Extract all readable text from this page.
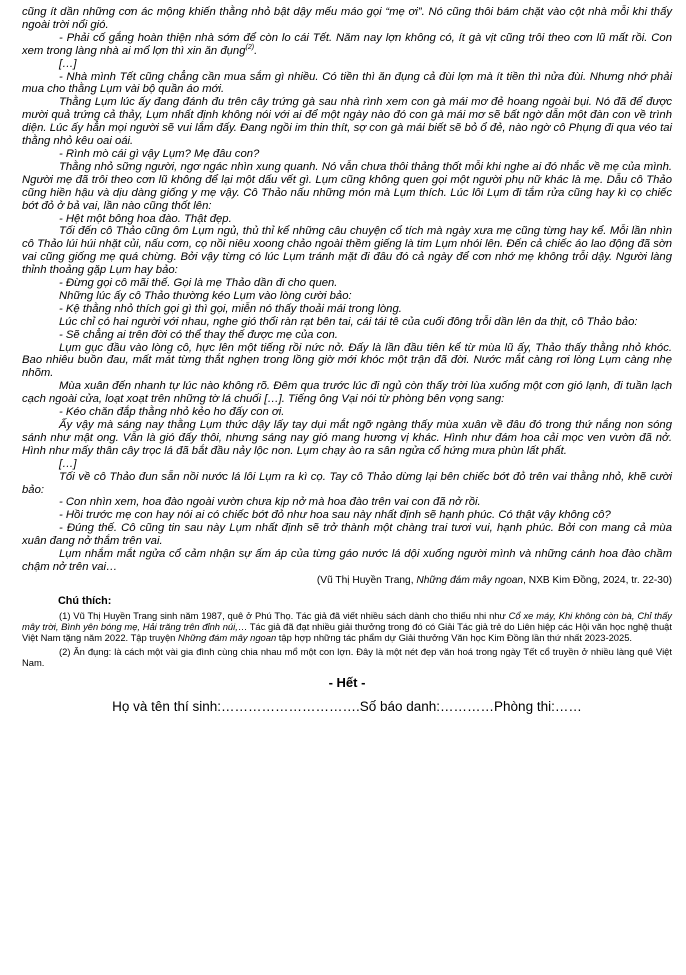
cũng ít dần những cơn ác mộng khiến thằng nhỏ bật dậy mếu máo gọi “mẹ ơi”. Nó cũng thôi bám chặt vào cột nhà mỗi khi thấy ngoài trời nổi gió.

- Phải cố gắng hoàn thiện nhà sớm để còn lo cái Tết. Năm nay lợn không có, ít gà vịt cũng trôi theo cơn lũ mất rồi. Con xem trong làng nhà ai mổ lợn thì xin ăn đụng$^{(2)}$.

[…]

- Nhà mình Tết cũng chẳng cần mua sắm gì nhiều. Có tiền thì ăn đụng cả đùi lợn mà ít tiền thì nửa đùi. Nhưng nhớ phải mua cho thằng Lụm vài bộ quần áo mới.

Thằng Lụm lúc ấy đang đánh đu trên cây trứng gà sau nhà rình xem con gà mái mơ đẻ hoang ngoài bụi. Nó đã để được mười quả trứng cả thảy, Lụm nhất định không nói với ai để một ngày nào đó con gà mái mơ sẽ bất ngờ dẫn một đàn con về trình diện. Lúc ấy hẳn mọi người sẽ vui lắm đấy. Đang ngồi im thin thít, sợ con gà mái biết sẽ bỏ ổ đẻ, nào ngờ cô Phụng đi qua véo tai thằng nhỏ kêu oai oái.

- Rình mò cái gì vậy Lụm? Mẹ đâu con?

Thằng nhỏ sững người, ngơ ngác nhìn xung quanh. Nó vẫn chưa thôi thảng thốt mỗi khi nghe ai đó nhắc về mẹ của mình. Người mẹ đã trôi theo cơn lũ không để lại một dấu vết gì. Lụm cũng không quen gọi một người phụ nữ khác là mẹ. Dẫu cô Thảo cũng hiền hậu và dịu dàng giống y mẹ vậy. Cô Thảo nấu những món mà Lụm thích. Lúc lôi Lụm đi tắm rửa cũng hay kì cọ chiếc bớt đỏ ở bả vai, lần nào cũng thốt lên:

- Hệt một bông hoa đào. Thật đẹp.

Tối đến cô Thảo cũng ôm Lụm ngủ, thủ thỉ kể những câu chuyện cổ tích mà ngày xưa mẹ cũng từng hay kể. Mỗi lần nhìn cô Thảo lúi húi nhặt củi, nấu cơm, cọ nồi niêu xoong chảo ngoài thềm giếng là tim Lụm nhói lên. Đến cả chiếc áo lao động đã sờn vai cũng giống mẹ quá chừng. Bởi vậy từng có lúc Lụm tránh mặt đi đâu đó cả ngày để cơn nhớ mẹ không trỗi dậy. Người làng thỉnh thoảng gặp Lụm hay bảo:

- Đừng gọi cô mãi thế. Gọi là mẹ Thảo dần đi cho quen.

Những lúc ấy cô Thảo thường kéo Lụm vào lòng cười bảo:

- Kệ thằng nhỏ thích gọi gì thì gọi, miễn nó thấy thoải mái trong lòng.

Lúc chỉ có hai người với nhau, nghe gió thổi ràn rạt bên tai, cái tái tê của cuối đông trỗi dần lên da thịt, cô Thảo bảo:

- Sẽ chẳng ai trên đời có thể thay thế được mẹ của con.

Lụm gục đầu vào lòng cô, hực lên một tiếng rồi nức nở. Đấy là lần đầu tiên kể từ mùa lũ ấy, Thảo thấy thằng nhỏ khóc. Bao nhiêu buồn đau, mất mát từng thắt nghẹn trong lồng giờ mới khóc một trận đã đời. Nước mắt càng rơi lòng Lụm càng nhẹ nhõm.

Mùa xuân đến nhanh tự lúc nào không rõ. Đêm qua trước lúc đi ngủ còn thấy trời lùa xuống một cơn gió lạnh, đi tuần lạch cạch ngoài cửa, loạt xoạt trên những tờ lá chuối […]. Tiếng ông Vại nói từ phòng bên vọng sang:

- Kéo chăn đắp thằng nhỏ kẻo ho đấy con ơi.

Ấy vậy mà sáng nay thằng Lụm thức dậy lấy tay dụi mắt ngỡ ngàng thấy mùa xuân về đâu đó trong thứ nắng non sóng sánh như mật ong. Vẫn là gió đấy thôi, nhưng sáng nay gió mang hương vị khác. Hình như đám hoa cải mọc ven vườn đã nở. Hình như mấy thân cây trọc lá đã bắt đầu nảy lộc non. Lụm chạy ào ra sân ngửa cổ hứng mưa phùn lất phất.

[…]

Tối về cô Thảo đun sẵn nồi nước lá lôi Lụm ra kì cọ. Tay cô Thảo dừng lại bên chiếc bớt đỏ trên vai thằng nhỏ, khẽ cười bảo:

- Con nhìn xem, hoa đào ngoài vườn chưa kịp nở mà hoa đào trên vai con đã nở rồi.

- Hồi trước mẹ con hay nói ai có chiếc bớt đỏ như hoa sau này nhất định sẽ hạnh phúc. Có thật vậy không cô?

- Đúng thế. Cô cũng tin sau này Lụm nhất định sẽ trở thành một chàng trai tươi vui, hạnh phúc. Bởi con mang cả mùa xuân đang nở thắm trên vai.

Lụm nhắm mắt ngửa cổ cảm nhận sự ấm áp của từng gáo nước lá dội xuống người mình và những cánh hoa đào chầm chậm nở trên vai…

(Vũ Thị Huyền Trang, Những đám mây ngoan, NXB Kim Đồng, 2024, tr. 22-30)

Chú thích:

(1) Vũ Thị Huyền Trang sinh năm 1987, quê ở Phú Thọ. Tác giả đã viết nhiều sách dành cho thiếu nhi như Cổ xe máy, Khi không còn bà, Chỉ thấy mây trời, Bình yên bóng mẹ, Hải trăng trên đỉnh núi,… Tác giả đã đạt nhiều giải thưởng trong đó có Giải Tác giả trẻ do Liên hiệp các Hội văn học nghệ thuật Việt Nam tặng năm 2022. Tập truyện Những đám mây ngoan tập hợp những tác phẩm dự Giải thưởng Văn học Kim Đồng lần thứ nhất 2023-2025.

(2) Ăn đụng: là cách một vài gia đình cùng chia nhau mổ một con lợn. Đây là một nét đẹp văn hoá trong ngày Tết cổ truyền ở nhiều làng quê Việt Nam.

- Hết -
Họ và tên thí sinh:………………………….Số báo danh:…………Phòng thi:……
